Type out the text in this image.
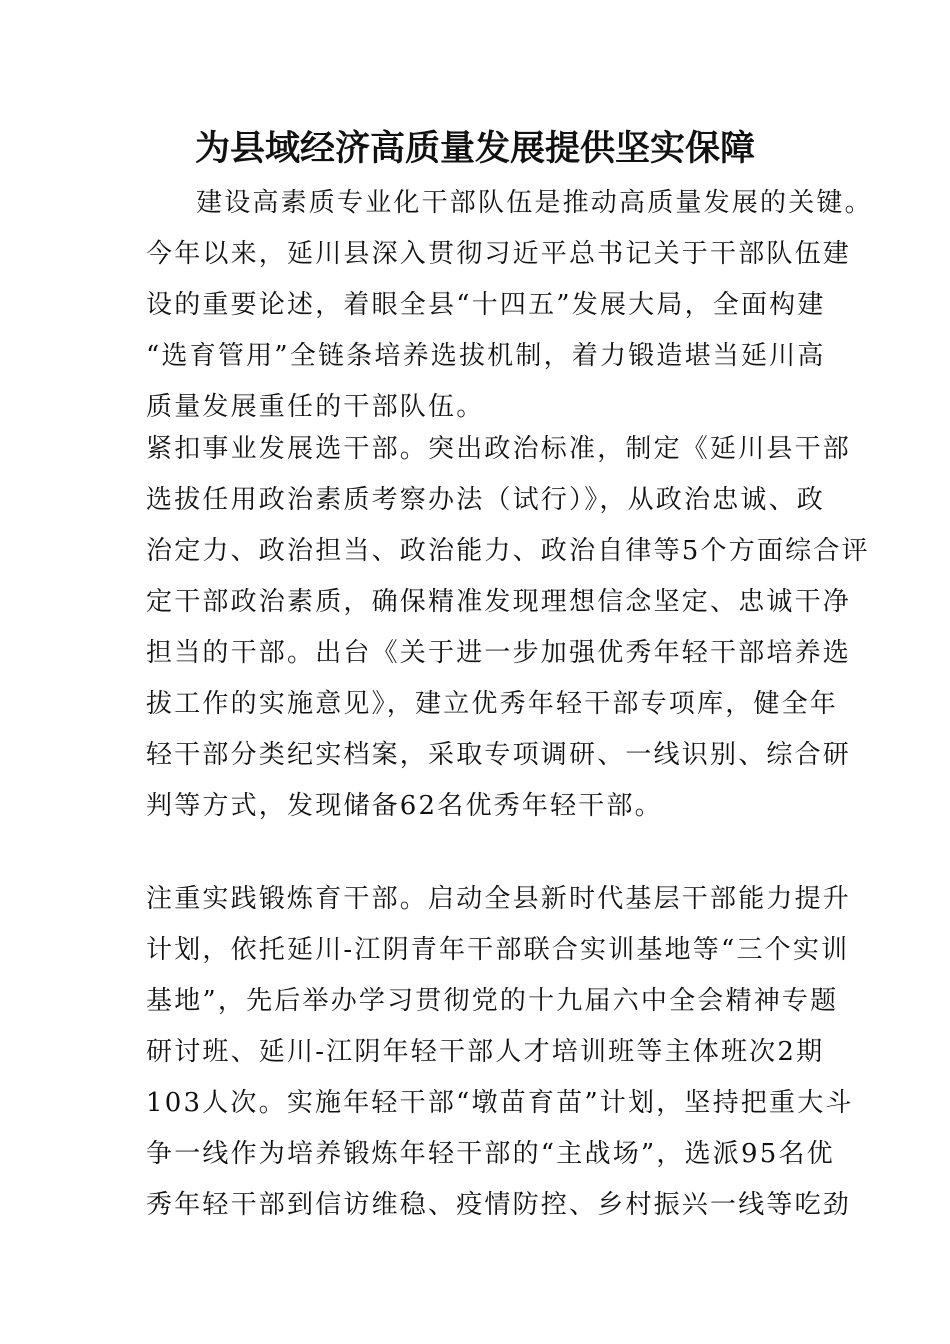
为县域经济高质量发展提供坚实保障
建设高素质专业化干部队伍是推动高质量发展的关键。
今年以来，延川县深入贯彻习近平总书记关于干部队伍建
设的重要论述，着眼全县“十四五”发展大局，全面构建
“选育管用”全链条培养选拔机制，着力锻造堪当延川高
质量发展重任的干部队伍。
紧扣事业发展选干部。突出政治标准，制定《延川县干部
选拔任用政治素质考察办法（试行）》，从政治忠诚、政
治定力、政治担当、政治能力、政治自律等5个方面综合评
定干部政治素质，确保精准发现理想信念坚定、忠诚干净
担当的干部。出台《关于进一步加强优秀年轻干部培养选
拔工作的实施意见》，建立优秀年轻干部专项库，健全年
轻干部分类纪实档案，采取专项调研、一线识别、综合研
判等方式，发现储备62名优秀年轻干部。
注重实践锻炼育干部。启动全县新时代基层干部能力提升
计划，依托延川-江阴青年干部联合实训基地等“三个实训
基地”，先后举办学习贯彻党的十九届六中全会精神专题
研讨班、延川-江阴年轻干部人才培训班等主体班次2期
103人次。实施年轻干部“墩苗育苗”计划，坚持把重大斗
争一线作为培养锻炼年轻干部的“主战场”，选派95名优
秀年轻干部到信访维稳、疫情防控、乡村振兴一线等吃劲
